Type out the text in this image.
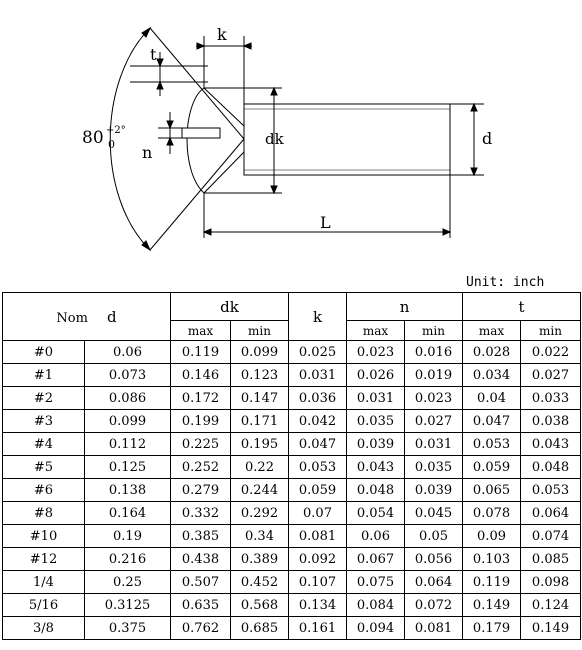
t
k
n
dk	d
L
80 +2°
0
Unit: inch
Nom d		dk		k	n		t	
		max	min		max	min	max	min
#0	0.06	0.119	0.099	0.025	0.023	0.016	0.028	0.022
#1	0.073	0.146	0.123	0.031	0.026	0.019	0.034	0.027
#2	0.086	0.172	0.147	0.036	0.031	0.023	0.04	0.033
#3	0.099	0.199	0.171	0.042	0.035	0.027	0.047	0.038
#4	0.112	0.225	0.195	0.047	0.039	0.031	0.053	0.043
#5	0.125	0.252	0.22	0.053	0.043	0.035	0.059	0.048
#6	0.138	0.279	0.244	0.059	0.048	0.039	0.065	0.053
#8	0.164	0.332	0.292	0.07	0.054	0.045	0.078	0.064
#10	0.19	0.385	0.34	0.081	0.06	0.05	0.09	0.074
#12	0.216	0.438	0.389	0.092	0.067	0.056	0.103	0.085
1/4	0.25	0.507	0.452	0.107	0.075	0.064	0.119	0.098
5/16	0.3125	0.635	0.568	0.134	0.084	0.072	0.149	0.124
3/8	0.375	0.762	0.685	0.161	0.094	0.081	0.179	0.149
